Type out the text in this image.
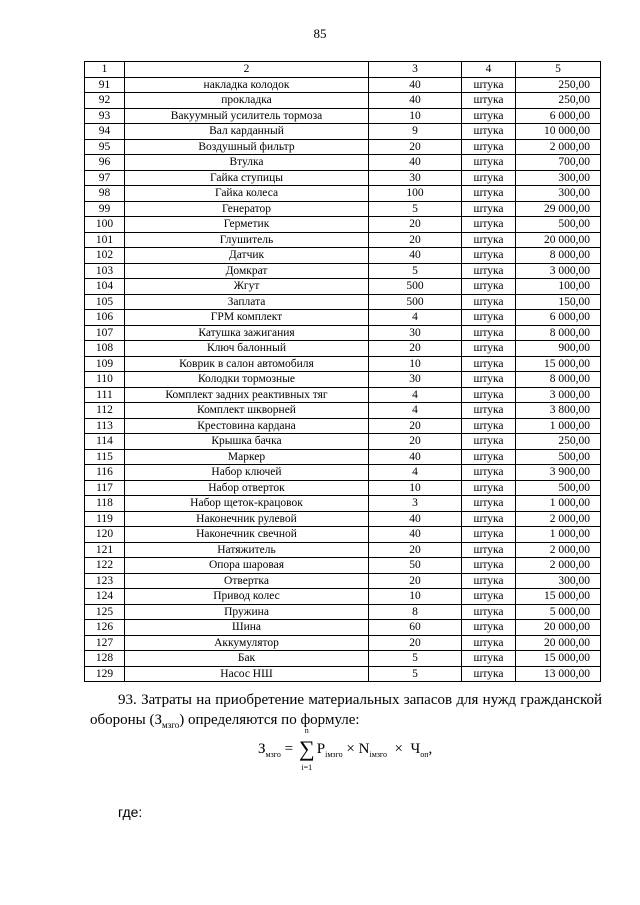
85
1	2	3	4	5
91	накладка колодок	40	штука	250,00
92	прокладка	40	штука	250,00
93	Вакуумный усилитель тормоза	10	штука	6 000,00
94	Вал карданный	9	штука	10 000,00
95	Воздушный фильтр	20	штука	2 000,00
96	Втулка	40	штука	700,00
97	Гайка ступицы	30	штука	300,00
98	Гайка колеса	100	штука	300,00
99	Генератор	5	штука	29 000,00
100	Герметик	20	штука	500,00
101	Глушитель	20	штука	20 000,00
102	Датчик	40	штука	8 000,00
103	Домкрат	5	штука	3 000,00
104	Жгут	500	штука	100,00
105	Заплата	500	штука	150,00
106	ГРМ комплект	4	штука	6 000,00
107	Катушка зажигания	30	штука	8 000,00
108	Ключ балонный	20	штука	900,00
109	Коврик в салон автомобиля	10	штука	15 000,00
110	Колодки тормозные	30	штука	8 000,00
111	Комплект задних реактивных тяг	4	штука	3 000,00
112	Комплект шкворней	4	штука	3 800,00
113	Крестовина кардана	20	штука	1 000,00
114	Крышка бачка	20	штука	250,00
115	Маркер	40	штука	500,00
116	Набор ключей	4	штука	3 900,00
117	Набор отверток	10	штука	500,00
118	Набор щеток-крацовок	3	штука	1 000,00
119	Наконечник рулевой	40	штука	2 000,00
120	Наконечник свечной	40	штука	1 000,00
121	Натяжитель	20	штука	2 000,00
122	Опора шаровая	50	штука	2 000,00
123	Отвертка	20	штука	300,00
124	Привод колес	10	штука	15 000,00
125	Пружина	8	штука	5 000,00
126	Шина	60	штука	20 000,00
127	Аккумулятор	20	штука	20 000,00
128	Бак	5	штука	15 000,00
129	Насос НШ	5	штука	13 000,00
93. Затраты на приобретение материальных запасов для нужд гражданской обороны $(З_{мзго})$ определяются по формуле:
$З_{мзго}$ =
n
∑
i=1
$P_{iмзго} \times N_{iмзго} \times Ч_{оп}$,
где:
